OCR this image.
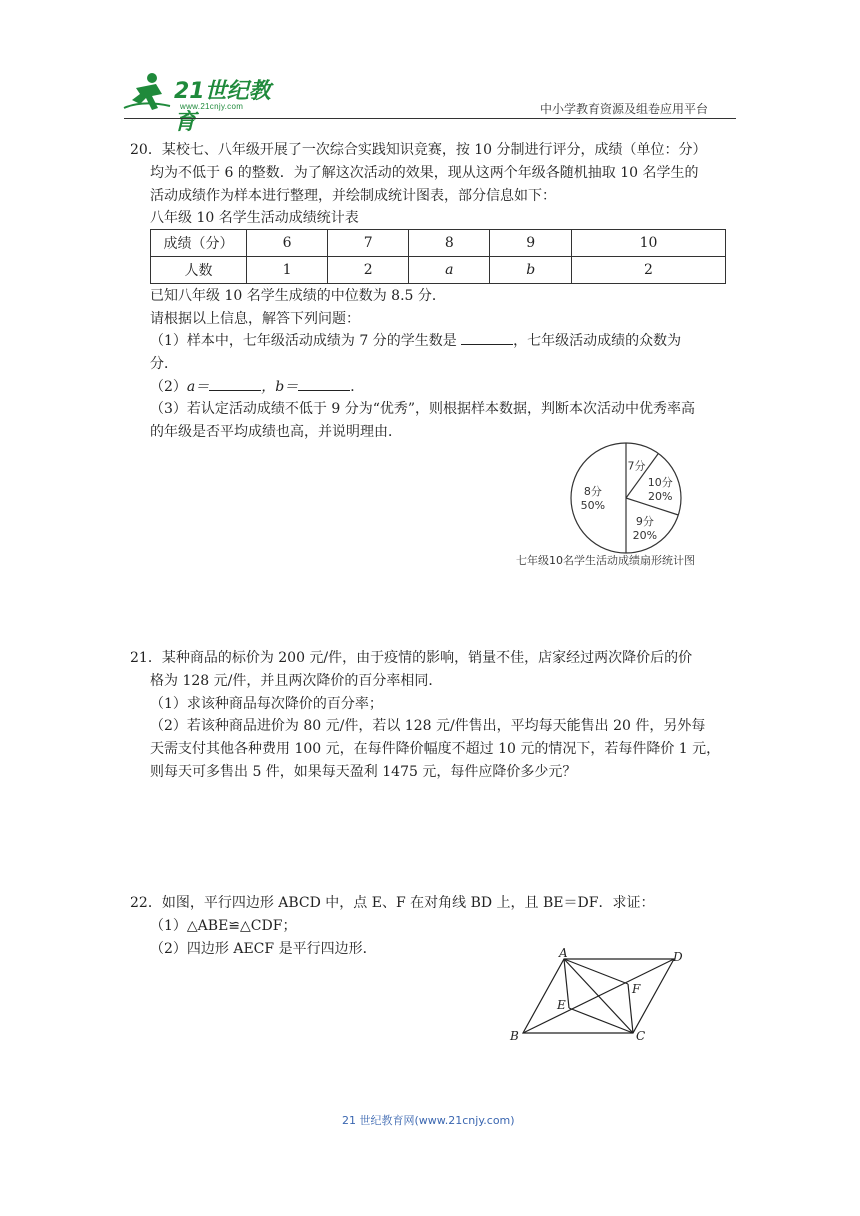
21世纪教育
www.21cnjy.com	中小学教育资源及组卷应用平台
20．某校七、八年级开展了一次综合实践知识竞赛，按 10 分制进行评分，成绩（单位：分）
均为不低于 6 的整数．为了解这次活动的效果，现从这两个年级各随机抽取 10 名学生的
活动成绩作为样本进行整理，并绘制成统计图表，部分信息如下：
八年级 10 名学生活动成绩统计表
成绩（分）	6	7	8	9	10
人数	1	2	a	b	2
已知八年级 10 名学生成绩的中位数为 8.5 分．
请根据以上信息，解答下列问题：
（1）样本中，七年级活动成绩为 7 分的学生数是	，七年级活动成绩的众数为
分．
（2）a＝	，b＝	．
（3）若认定活动成绩不低于 9 分为“优秀”，则根据样本数据，判断本次活动中优秀率高
的年级是否平均成绩也高，并说明理由．
8分
50%
7分
10分
20%
9分
20%
七年级10名学生活动成绩扇形统计图
21．某种商品的标价为 200 元/件，由于疫情的影响，销量不佳，店家经过两次降价后的价
格为 128 元/件，并且两次降价的百分率相同．
（1）求该种商品每次降价的百分率；
（2）若该种商品进价为 80 元/件，若以 128 元/件售出，平均每天能售出 20 件，另外每
天需支付其他各种费用 100 元，在每件降价幅度不超过 10 元的情况下，若每件降价 1 元，
则每天可多售出 5 件，如果每天盈利 1475 元，每件应降价多少元？
22．如图，平行四边形 ABCD 中，点 E、F 在对角线 BD 上，且 BE＝DF．求证：
（1）△ABE≌△CDF；
（2）四边形 AECF 是平行四边形．	A	D
F
E
B	C
21 世纪教育网(www.21cnjy.com)
